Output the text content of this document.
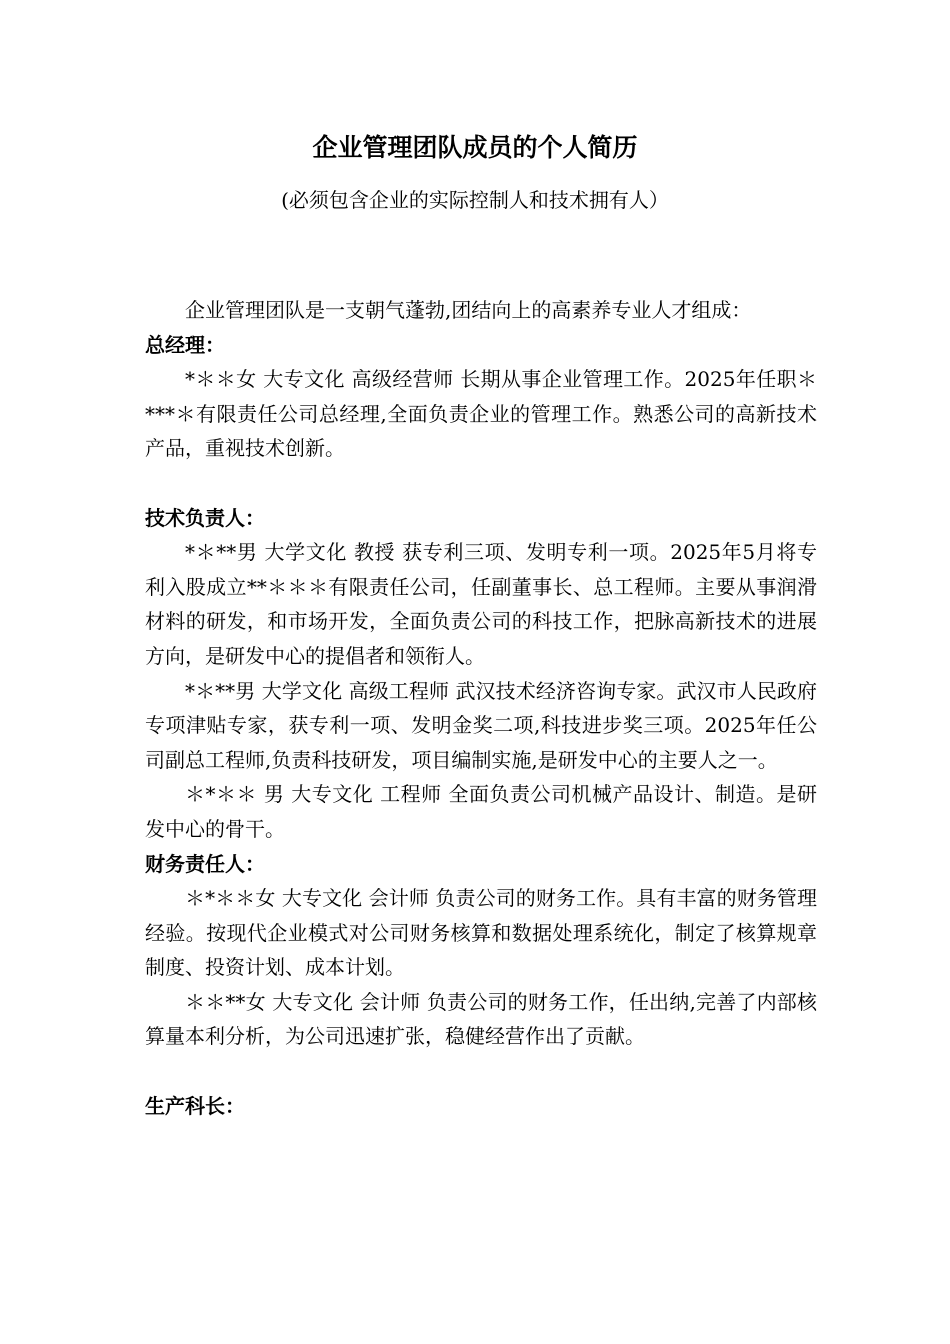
企业管理团队成员的个人简历
(必须包含企业的实际控制人和技术拥有人）

企业管理团队是一支朝气蓬勃,团结向上的高素养专业人才组成：

总经理：

*＊＊女 大专文化 高级经营师 长期从事企业管理工作。2025年任职＊***＊有限责任公司总经理,全面负责企业的管理工作。熟悉公司的高新技术产品，重视技术创新。

技术负责人：

*＊**男 大学文化 教授 获专利三项、发明专利一项。2025年5月将专利入股成立**＊＊＊有限责任公司，任副董事长、总工程师。主要从事润滑材料的研发，和市场开发，全面负责公司的科技工作，把脉高新技术的进展方向，是研发中心的提倡者和领衔人。

*＊**男 大学文化 高级工程师 武汉技术经济咨询专家。武汉市人民政府专项津贴专家，获专利一项、发明金奖二项,科技进步奖三项。2025年任公司副总工程师,负责科技研发，项目编制实施,是研发中心的主要人之一。

＊*＊＊ 男 大专文化 工程师 全面负责公司机械产品设计、制造。是研发中心的骨干。

财务责任人：

＊*＊＊女 大专文化 会计师 负责公司的财务工作。具有丰富的财务管理经验。按现代企业模式对公司财务核算和数据处理系统化，制定了核算规章制度、投资计划、成本计划。

＊＊**女 大专文化 会计师 负责公司的财务工作，任出纳,完善了内部核算量本利分析，为公司迅速扩张，稳健经营作出了贡献。

生产科长：
